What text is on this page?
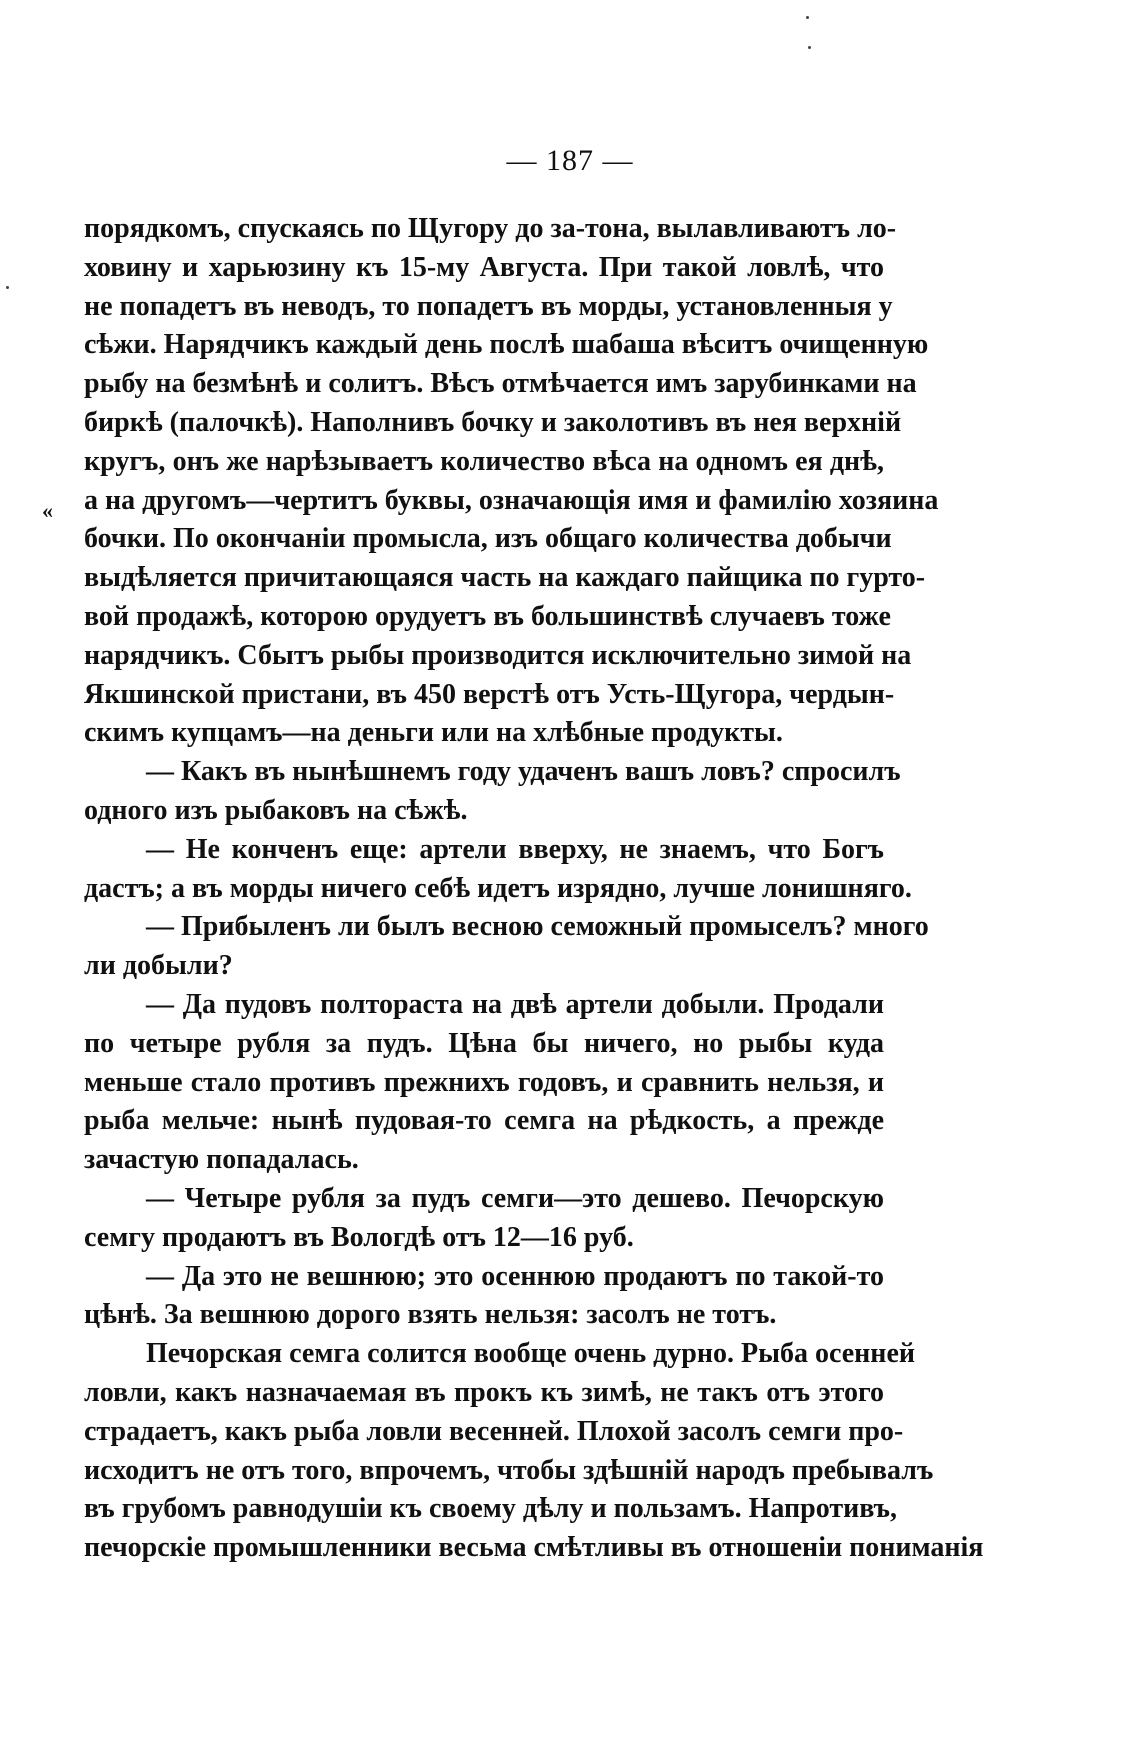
— 187 —
«
порядкомъ, спускаясь по Щугору до за-тона, вылавливаютъ ло-
ховину и харьюзину къ 15-му Августа. При такой ловлѣ, что
не попадетъ въ неводъ, то попадетъ въ морды, установленныя у
сѣжи. Нарядчикъ каждый день послѣ шабаша вѣситъ очищенную
рыбу на безмѣнѣ и солитъ. Вѣсъ отмѣчается имъ зарубинками на
биркѣ (палочкѣ). Наполнивъ бочку и заколотивъ въ нея верхній
кругъ, онъ же нарѣзываетъ количество вѣса на одномъ ея днѣ,
а на другомъ—чертитъ буквы, означающія имя и фамилію хозяина
бочки. По окончаніи промысла, изъ общаго количества добычи
выдѣляется причитающаяся часть на каждаго пайщика по гурто-
вой продажѣ, которою орудуетъ въ большинствѣ случаевъ тоже
нарядчикъ. Сбытъ рыбы производится исключительно зимой на
Якшинской пристани, въ 450 верстѣ отъ Усть-Щугора, чердын-
скимъ купцамъ—на деньги или на хлѣбные продукты.
— Какъ въ нынѣшнемъ году удаченъ вашъ ловъ? спросилъ
одного изъ рыбаковъ на сѣжѣ.
— Не конченъ еще: артели вверху, не знаемъ, что Богъ
дастъ; а въ морды ничего себѣ идетъ изрядно, лучше лонишняго.
— Прибыленъ ли былъ весною семожный промыселъ? много
ли добыли?
— Да пудовъ полтораста на двѣ артели добыли. Продали
по четыре рубля за пудъ. Цѣна бы ничего, но рыбы куда
меньше стало противъ прежнихъ годовъ, и сравнить нельзя, и
рыба мельче: нынѣ пудовая-то семга на рѣдкость, а прежде
зачастую попадалась.
— Четыре рубля за пудъ семги—это дешево. Печорскую
семгу продаютъ въ Вологдѣ отъ 12—16 руб.
— Да это не вешнюю; это осеннюю продаютъ по такой-то
цѣнѣ. За вешнюю дорого взять нельзя: засолъ не тотъ.
Печорская семга солится вообще очень дурно. Рыба осенней
ловли, какъ назначаемая въ прокъ къ зимѣ, не такъ отъ этого
страдаетъ, какъ рыба ловли весенней. Плохой засолъ семги про-
исходитъ не отъ того, впрочемъ, чтобы здѣшній народъ пребывалъ
въ грубомъ равнодушіи къ своему дѣлу и пользамъ. Напротивъ,
печорскіе промышленники весьма смѣтливы въ отношеніи пониманія
